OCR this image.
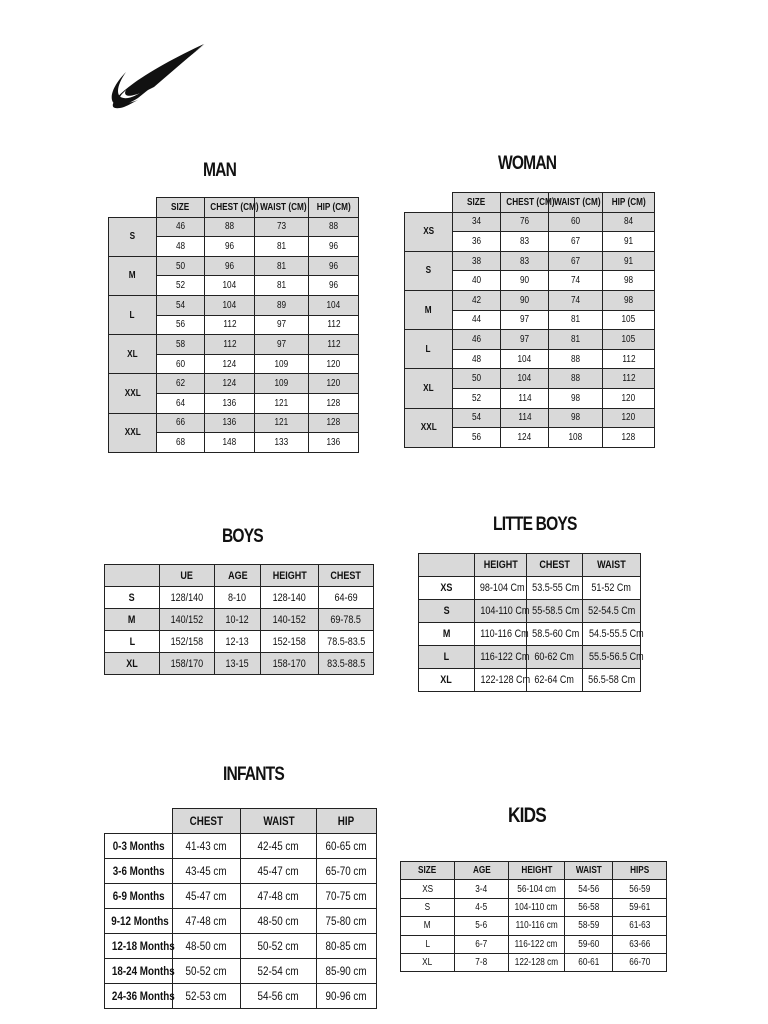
MAN	WOMAN
BOYS
LITTE BOYS
INFANTS
KIDS
	SIZE	CHEST (CM)	WAIST (CM)	HIP (CM)
S	46	88	73	88
	48	96	81	96
M	50	96	81	96
	52	104	81	96
L	54	104	89	104
	56	112	97	112
XL	58	112	97	112
	60	124	109	120
XXL	62	124	109	120
	64	136	121	128
XXL	66	136	121	128
	68	148	133	136
	SIZE	CHEST (CM)	WAIST (CM)	HIP (CM)
XS	34	76	60	84
	36	83	67	91
S	38	83	67	91
	40	90	74	98
M	42	90	74	98
	44	97	81	105
L	46	97	81	105
	48	104	88	112
XL	50	104	88	112
	52	114	98	120
XXL	54	114	98	120
	56	124	108	128
	UE	AGE	HEIGHT	CHEST
S	128/140	8-10	128-140	64-69
M	140/152	10-12	140-152	69-78.5
L	152/158	12-13	152-158	78.5-83.5
XL	158/170	13-15	158-170	83.5-88.5
	HEIGHT	CHEST	WAIST
XS	98-104 Cm	53.5-55 Cm	51-52 Cm
S	104-110 Cm	55-58.5 Cm	52-54.5 Cm
M	110-116 Cm	58.5-60 Cm	54.5-55.5 Cm
L	116-122 Cm	60-62 Cm	55.5-56.5 Cm
XL	122-128 Cm	62-64 Cm	56.5-58 Cm
	CHEST	WAIST	HIP
0-3 Months	41-43 cm	42-45 cm	60-65 cm
3-6 Months	43-45 cm	45-47 cm	65-70 cm
6-9 Months	45-47 cm	47-48 cm	70-75 cm
9-12 Months	47-48 cm	48-50 cm	75-80 cm
12-18 Months	48-50 cm	50-52 cm	80-85 cm
18-24 Months	50-52 cm	52-54 cm	85-90 cm
24-36 Months	52-53 cm	54-56 cm	90-96 cm
SIZE	AGE	HEIGHT	WAIST	HIPS
XS	3-4	56-104 cm	54-56	56-59
S	4-5	104-110 cm	56-58	59-61
M	5-6	110-116 cm	58-59	61-63
L	6-7	116-122 cm	59-60	63-66
XL	7-8	122-128 cm	60-61	66-70
